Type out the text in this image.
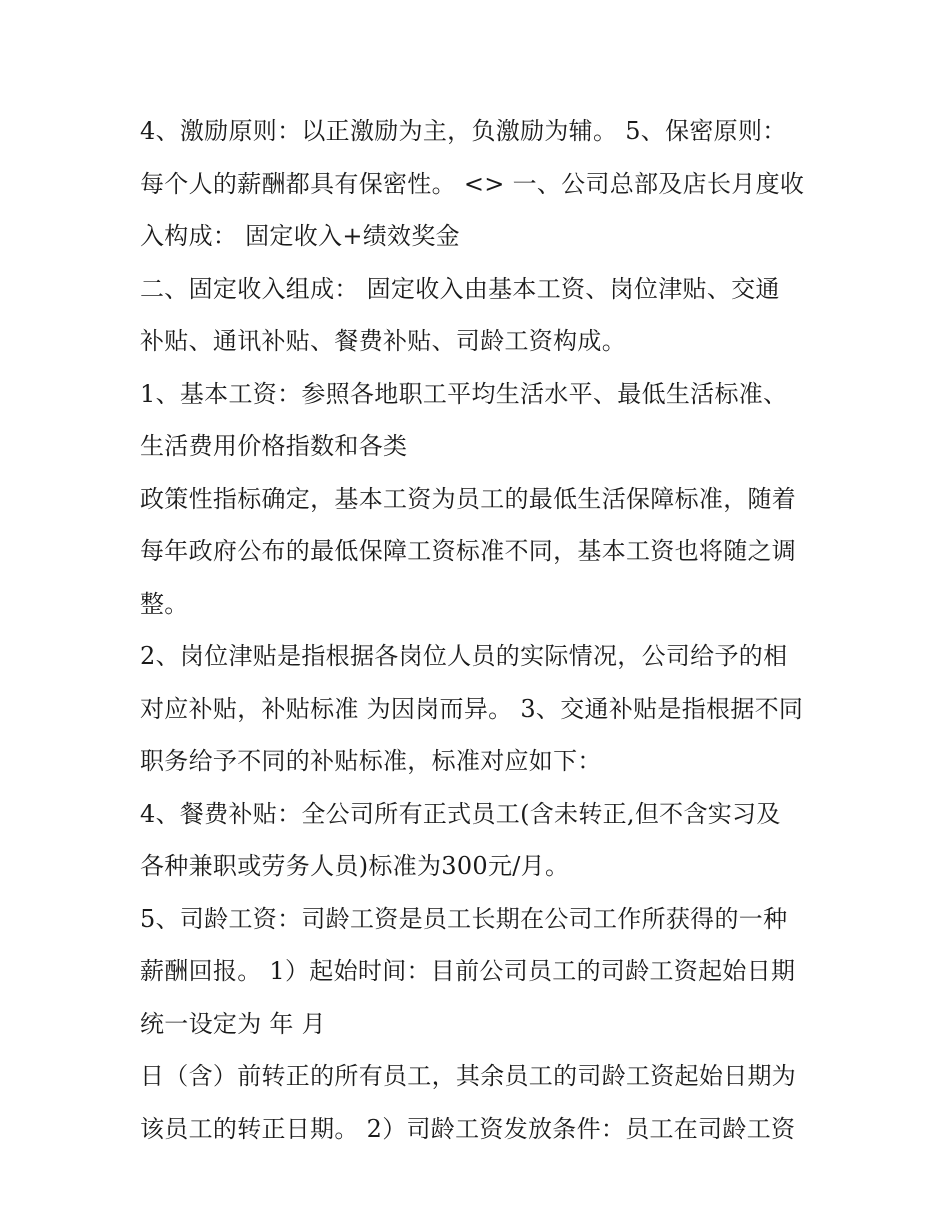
4、激励原则：以正激励为主，负激励为辅。 5、保密原则：
每个人的薪酬都具有保密性。 <> 一、公司总部及店长月度收
入构成： 固定收入+绩效奖金
二、固定收入组成： 固定收入由基本工资、岗位津贴、交通
补贴、通讯补贴、餐费补贴、司龄工资构成。
1、基本工资：参照各地职工平均生活水平、最低生活标准、
生活费用价格指数和各类
政策性指标确定，基本工资为员工的最低生活保障标准，随着
每年政府公布的最低保障工资标准不同，基本工资也将随之调
整。
2、岗位津贴是指根据各岗位人员的实际情况，公司给予的相
对应补贴，补贴标准 为因岗而异。 3、交通补贴是指根据不同
职务给予不同的补贴标准，标准对应如下：
4、餐费补贴：全公司所有正式员工(含未转正,但不含实习及
各种兼职或劳务人员)标准为300元/月。
5、司龄工资：司龄工资是员工长期在公司工作所获得的一种
薪酬回报。 1）起始时间：目前公司员工的司龄工资起始日期
统一设定为 年 月
日（含）前转正的所有员工，其余员工的司龄工资起始日期为
该员工的转正日期。 2）司龄工资发放条件：员工在司龄工资
